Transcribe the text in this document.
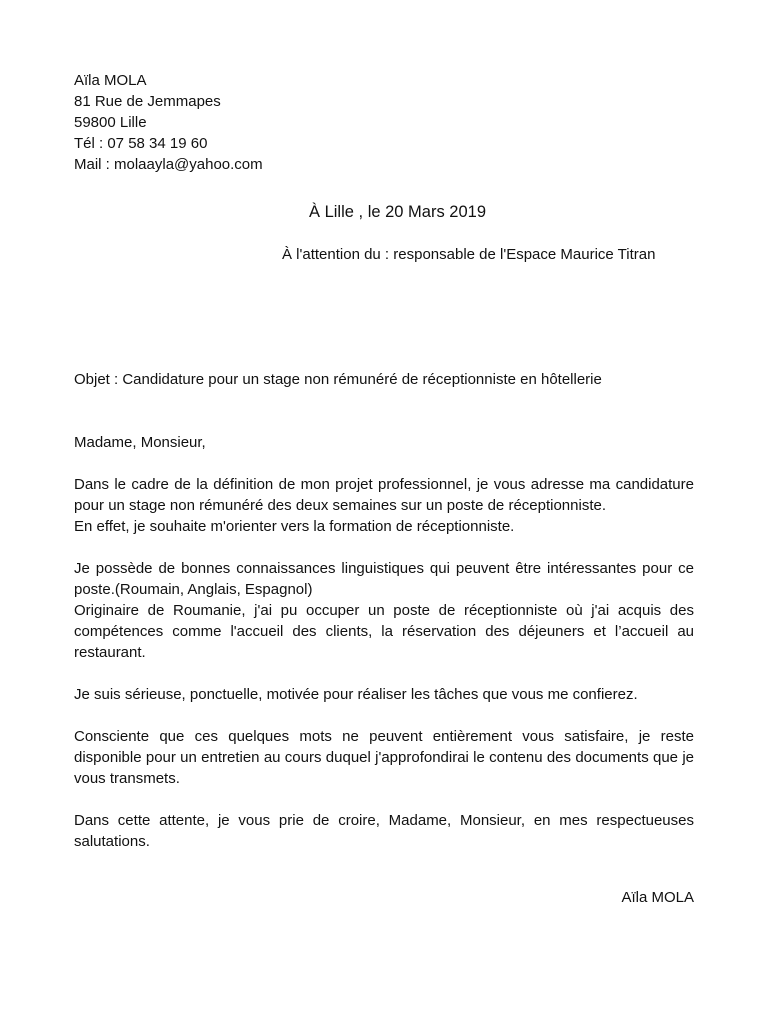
Aïla MOLA
81 Rue de Jemmapes
59800 Lille
Tél : 07 58 34 19 60
Mail : molaayla@yahoo.com
À Lille , le 20 Mars 2019
À l'attention du : responsable de l'Espace Maurice Titran
Objet : Candidature pour un stage non rémunéré de réceptionniste en hôtellerie

Madame, Monsieur,

Dans le cadre de la définition de mon projet professionnel, je vous adresse ma candidature pour un stage non rémunéré des deux semaines sur un poste de réceptionniste.
En effet, je souhaite m'orienter vers la formation de réceptionniste.

Je possède de bonnes connaissances linguistiques qui peuvent être intéressantes pour ce poste.(Roumain, Anglais, Espagnol)
Originaire de Roumanie, j'ai pu occuper un poste de réceptionniste où j'ai acquis des compétences comme l'accueil des clients, la réservation des déjeuners et l’accueil au restaurant.

Je suis sérieuse, ponctuelle, motivée pour réaliser les tâches que vous me confierez.

Consciente que ces quelques mots ne peuvent entièrement vous satisfaire, je reste disponible pour un entretien au cours duquel j'approfondirai le contenu des documents que je vous transmets.

Dans cette attente, je vous prie de croire, Madame, Monsieur, en mes respectueuses salutations.

Aïla MOLA
